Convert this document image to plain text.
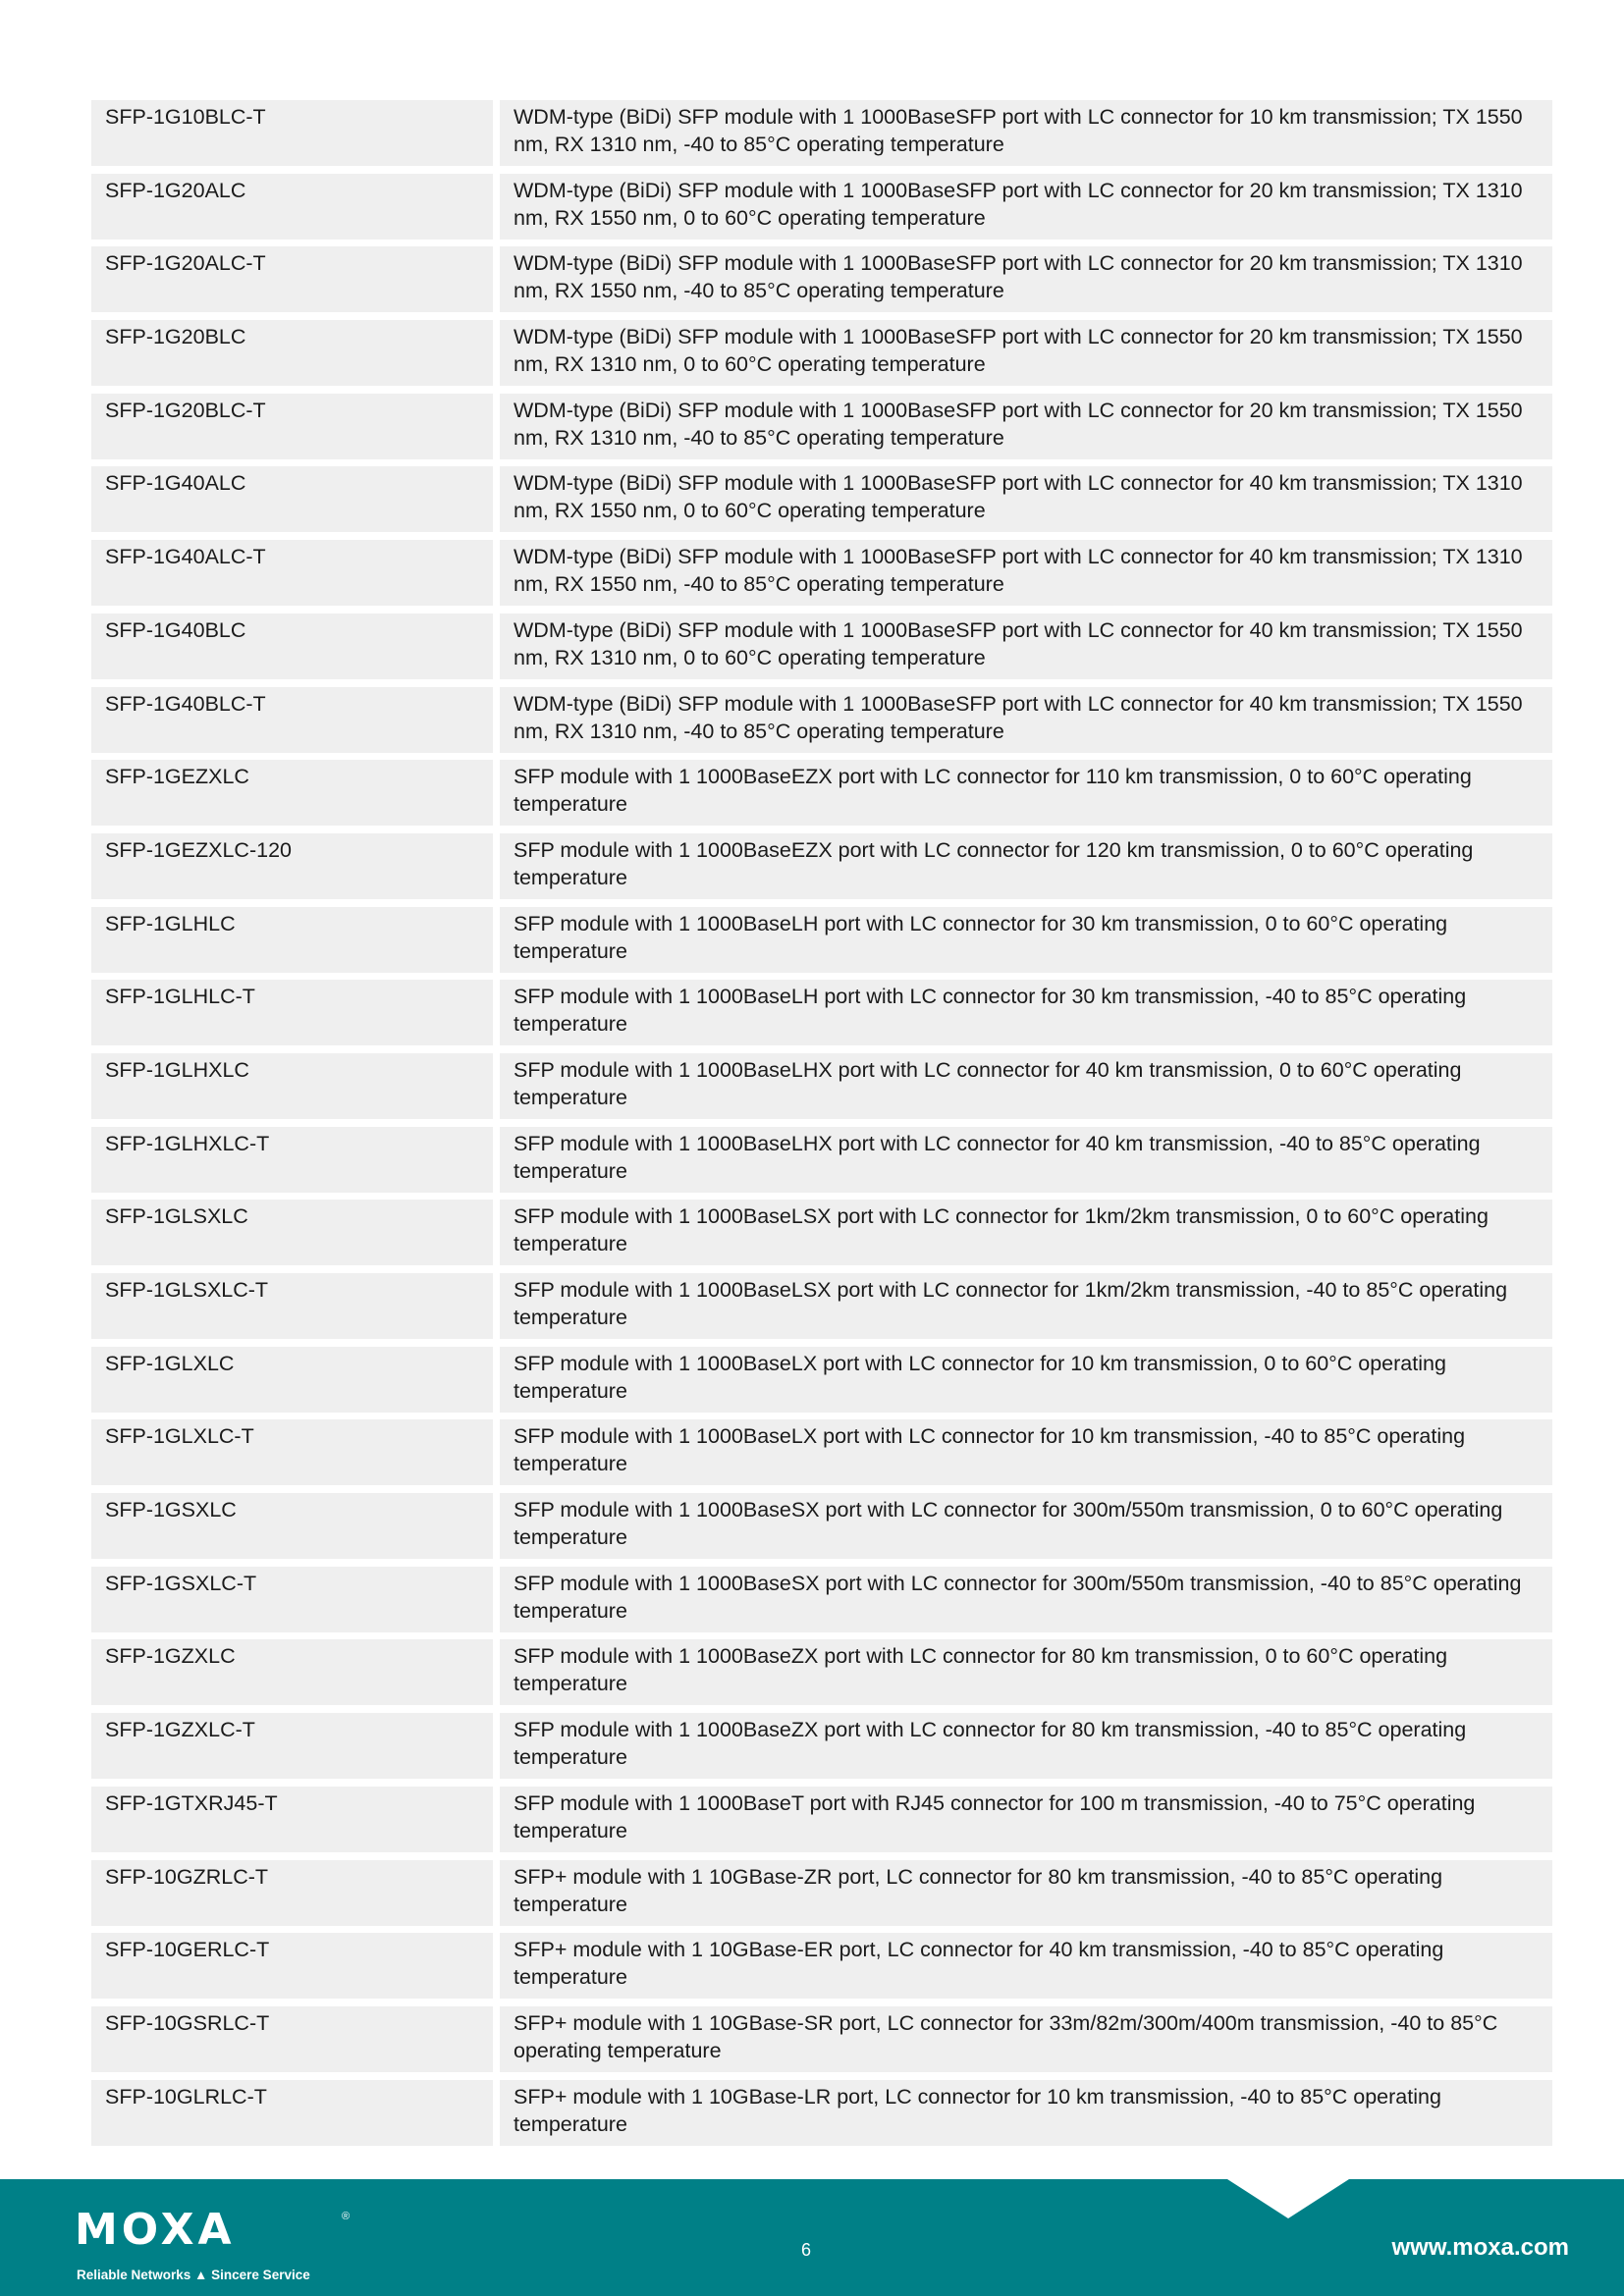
SFP-1G10BLC-T	WDM-type (BiDi) SFP module with 1 1000BaseSFP port with LC connector for 10 km transmission; TX 1550 nm, RX 1310 nm, -40 to 85°C operating temperature
SFP-1G20ALC	WDM-type (BiDi) SFP module with 1 1000BaseSFP port with LC connector for 20 km transmission; TX 1310 nm, RX 1550 nm, 0 to 60°C operating temperature
SFP-1G20ALC-T	WDM-type (BiDi) SFP module with 1 1000BaseSFP port with LC connector for 20 km transmission; TX 1310 nm, RX 1550 nm, -40 to 85°C operating temperature
SFP-1G20BLC	WDM-type (BiDi) SFP module with 1 1000BaseSFP port with LC connector for 20 km transmission; TX 1550 nm, RX 1310 nm, 0 to 60°C operating temperature
SFP-1G20BLC-T	WDM-type (BiDi) SFP module with 1 1000BaseSFP port with LC connector for 20 km transmission; TX 1550 nm, RX 1310 nm, -40 to 85°C operating temperature
SFP-1G40ALC	WDM-type (BiDi) SFP module with 1 1000BaseSFP port with LC connector for 40 km transmission; TX 1310 nm, RX 1550 nm, 0 to 60°C operating temperature
SFP-1G40ALC-T	WDM-type (BiDi) SFP module with 1 1000BaseSFP port with LC connector for 40 km transmission; TX 1310 nm, RX 1550 nm, -40 to 85°C operating temperature
SFP-1G40BLC	WDM-type (BiDi) SFP module with 1 1000BaseSFP port with LC connector for 40 km transmission; TX 1550 nm, RX 1310 nm, 0 to 60°C operating temperature
SFP-1G40BLC-T	WDM-type (BiDi) SFP module with 1 1000BaseSFP port with LC connector for 40 km transmission; TX 1550 nm, RX 1310 nm, -40 to 85°C operating temperature
SFP-1GEZXLC	SFP module with 1 1000BaseEZX port with LC connector for 110 km transmission, 0 to 60°C operating temperature
SFP-1GEZXLC-120	SFP module with 1 1000BaseEZX port with LC connector for 120 km transmission, 0 to 60°C operating temperature
SFP-1GLHLC	SFP module with 1 1000BaseLH port with LC connector for 30 km transmission, 0 to 60°C operating temperature
SFP-1GLHLC-T	SFP module with 1 1000BaseLH port with LC connector for 30 km transmission, -40 to 85°C operating temperature
SFP-1GLHXLC	SFP module with 1 1000BaseLHX port with LC connector for 40 km transmission, 0 to 60°C operating temperature
SFP-1GLHXLC-T	SFP module with 1 1000BaseLHX port with LC connector for 40 km transmission, -40 to 85°C operating temperature
SFP-1GLSXLC	SFP module with 1 1000BaseLSX port with LC connector for 1km/2km transmission, 0 to 60°C operating temperature
SFP-1GLSXLC-T	SFP module with 1 1000BaseLSX port with LC connector for 1km/2km transmission, -40 to 85°C operating temperature
SFP-1GLXLC	SFP module with 1 1000BaseLX port with LC connector for 10 km transmission, 0 to 60°C operating temperature
SFP-1GLXLC-T	SFP module with 1 1000BaseLX port with LC connector for 10 km transmission, -40 to 85°C operating temperature
SFP-1GSXLC	SFP module with 1 1000BaseSX port with LC connector for 300m/550m transmission, 0 to 60°C operating temperature
SFP-1GSXLC-T	SFP module with 1 1000BaseSX port with LC connector for 300m/550m transmission, -40 to 85°C operating temperature
SFP-1GZXLC	SFP module with 1 1000BaseZX port with LC connector for 80 km transmission, 0 to 60°C operating temperature
SFP-1GZXLC-T	SFP module with 1 1000BaseZX port with LC connector for 80 km transmission, -40 to 85°C operating temperature
SFP-1GTXRJ45-T	SFP module with 1 1000BaseT port with RJ45 connector for 100 m transmission, -40 to 75°C operating temperature
SFP-10GZRLC-T	SFP+ module with 1 10GBase-ZR port, LC connector for 80 km transmission, -40 to 85°C operating temperature
SFP-10GERLC-T	SFP+ module with 1 10GBase-ER port, LC connector for 40 km transmission, -40 to 85°C operating temperature
SFP-10GSRLC-T	SFP+ module with 1 10GBase-SR port, LC connector for 33m/82m/300m/400m transmission, -40 to 85°C operating temperature
SFP-10GLRLC-T	SFP+ module with 1 10GBase-LR port, LC connector for 10 km transmission, -40 to 85°C operating temperature
MOXA	®
Reliable Networks ▲ Sincere Service
6	www.moxa.com
